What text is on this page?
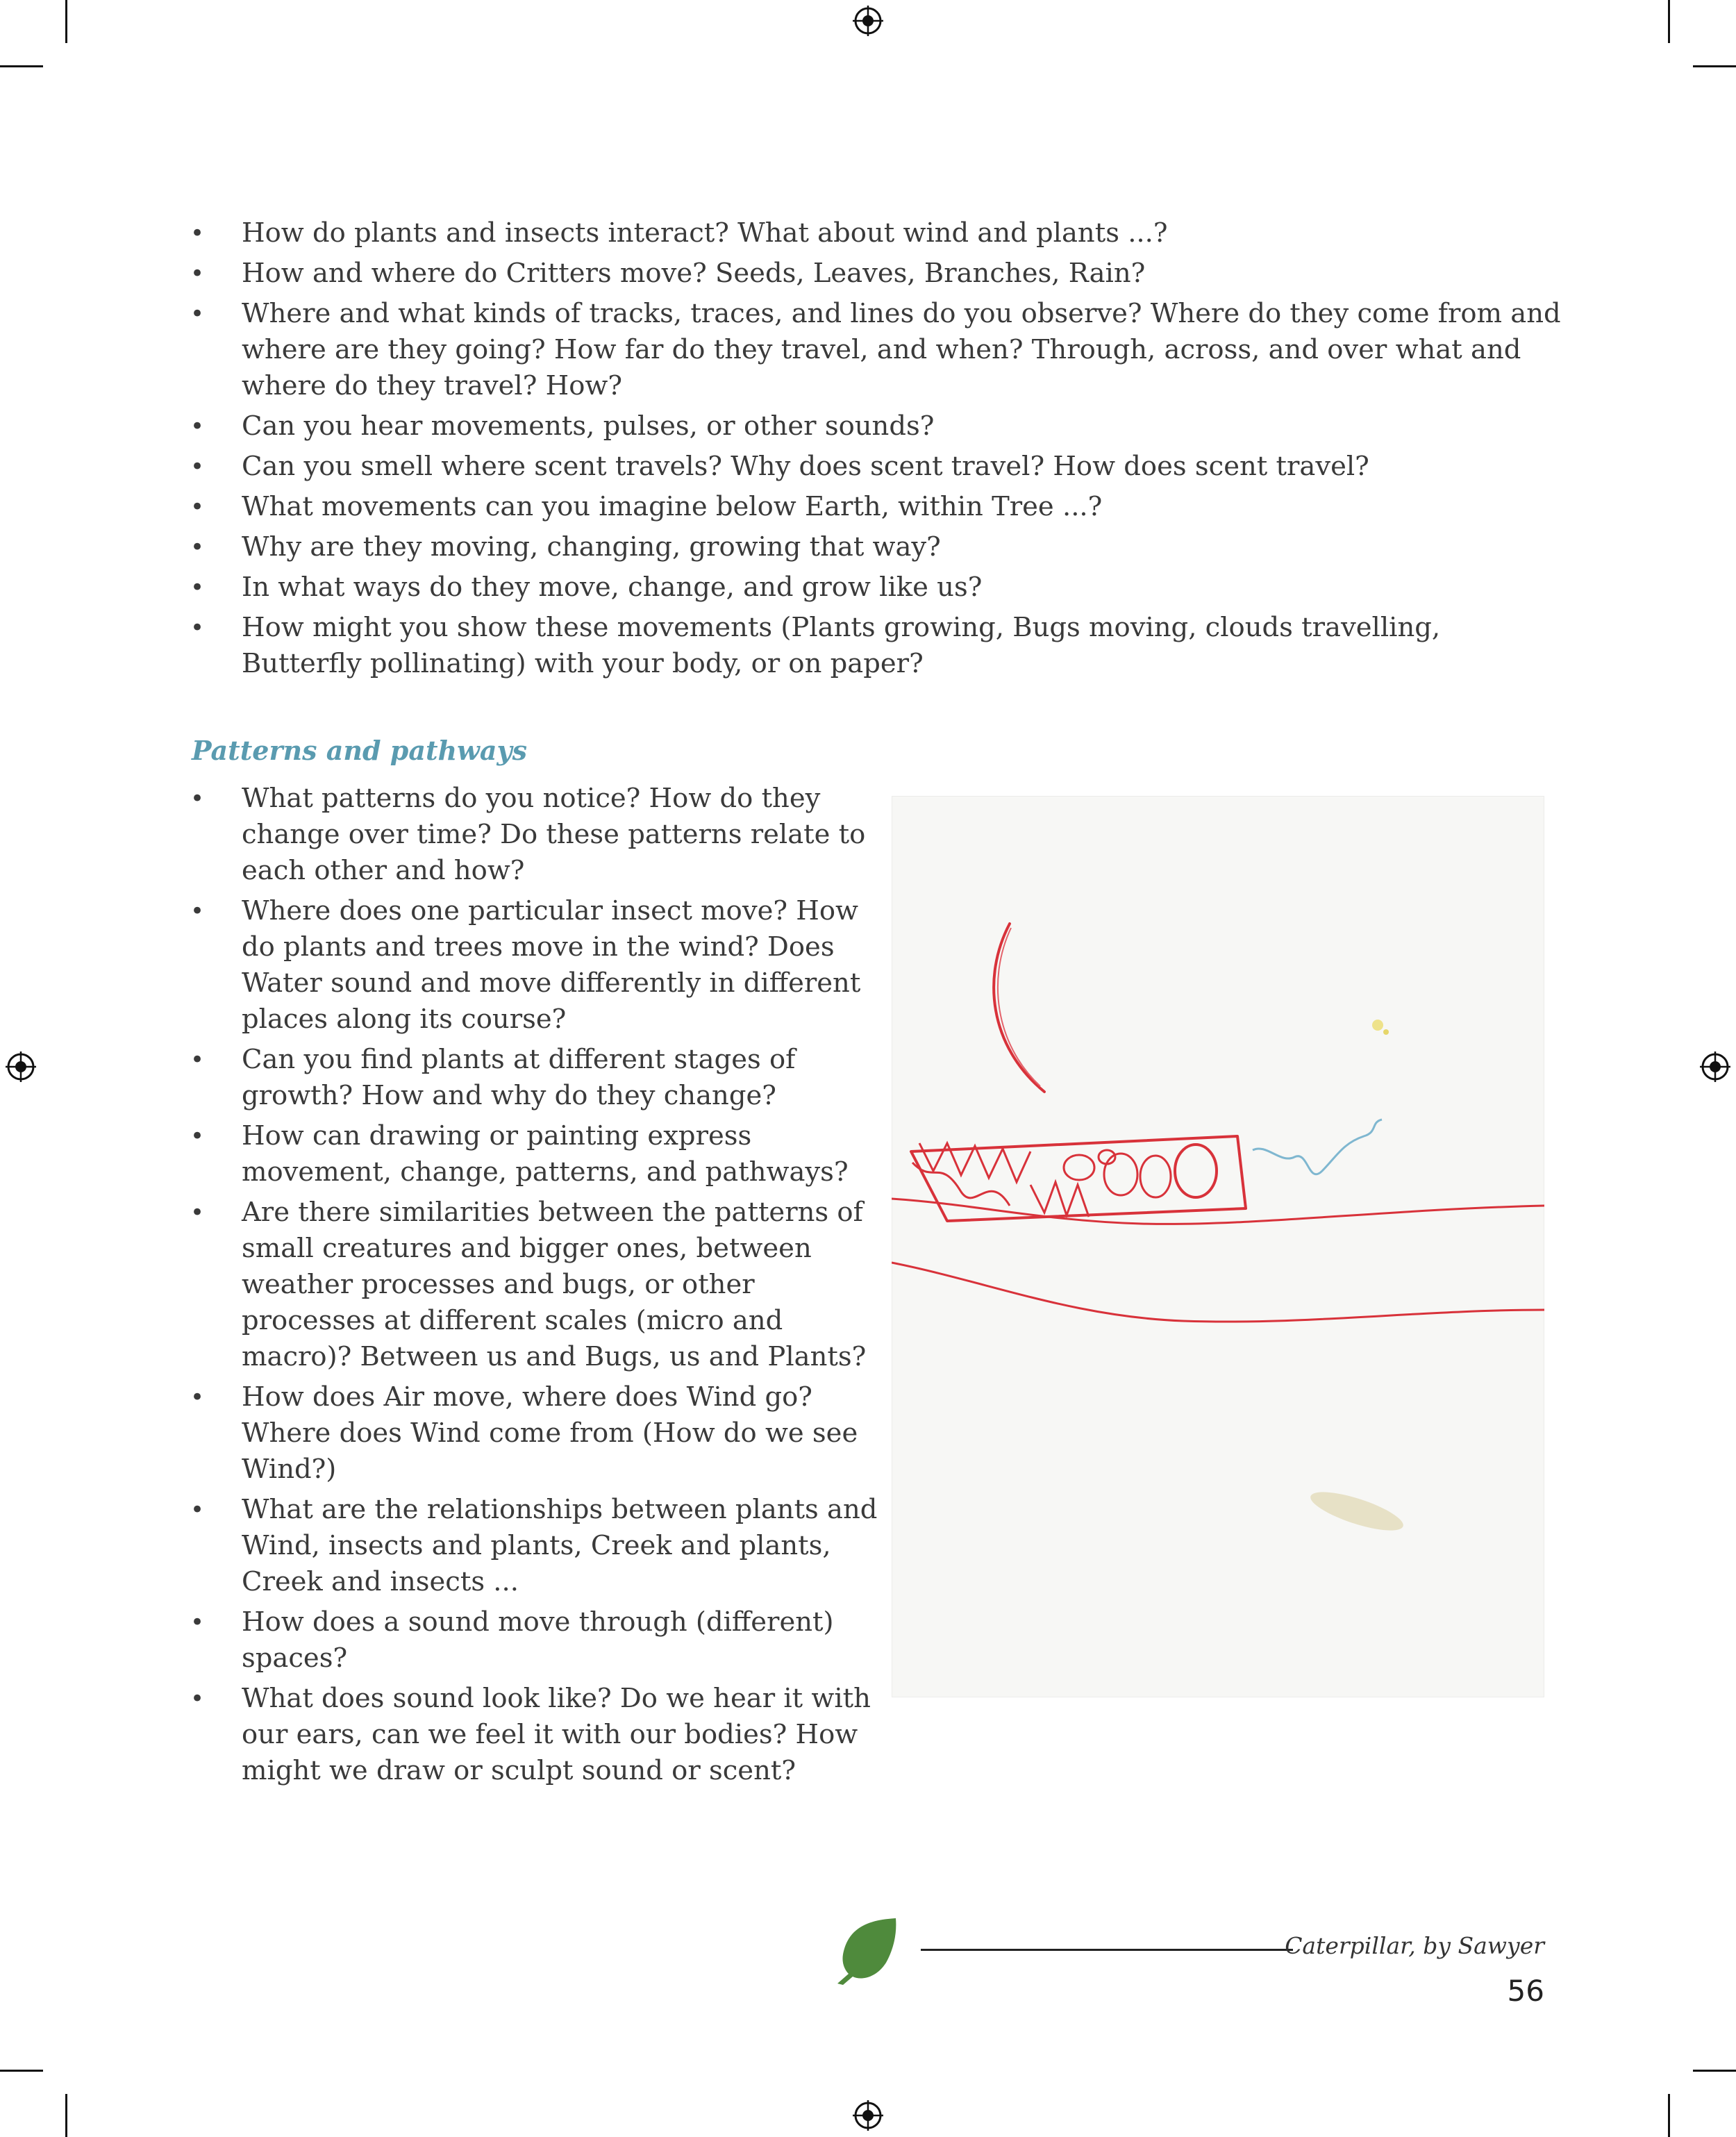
• How do plants and insects interact? What about wind and plants ...?
• How and where do Critters move? Seeds, Leaves, Branches, Rain?
• Where and what kinds of tracks, traces, and lines do you observe? Where do they come from and where are they going? How far do they travel, and when? Through, across, and over what and where do they travel? How?
• Can you hear movements, pulses, or other sounds?
• Can you smell where scent travels? Why does scent travel? How does scent travel?
• What movements can you imagine below Earth, within Tree ...?
• Why are they moving, changing, growing that way?
• In what ways do they move, change, and grow like us?
• How might you show these movements (Plants growing, Bugs moving, clouds travelling, Butterfly pollinating) with your body, or on paper?
Patterns and pathways
• What patterns do you notice? How do they change over time? Do these patterns relate to each other and how?
• Where does one particular insect move? How do plants and trees move in the wind? Does Water sound and move differently in different places along its course?
• Can you find plants at different stages of growth? How and why do they change?
• How can drawing or painting express movement, change, patterns, and pathways?
• Are there similarities between the patterns of small creatures and bigger ones, between weather processes and bugs, or other processes at different scales (micro and macro)? Between us and Bugs, us and Plants?
• How does Air move, where does Wind go? Where does Wind come from (How do we see Wind?)
• What are the relationships between plants and Wind, insects and plants, Creek and plants, Creek and insects ...
• How does a sound move through (different) spaces?
• What does sound look like? Do we hear it with our ears, can we feel it with our bodies? How might we draw or sculpt sound or scent?
Caterpillar, by Sawyer
56
